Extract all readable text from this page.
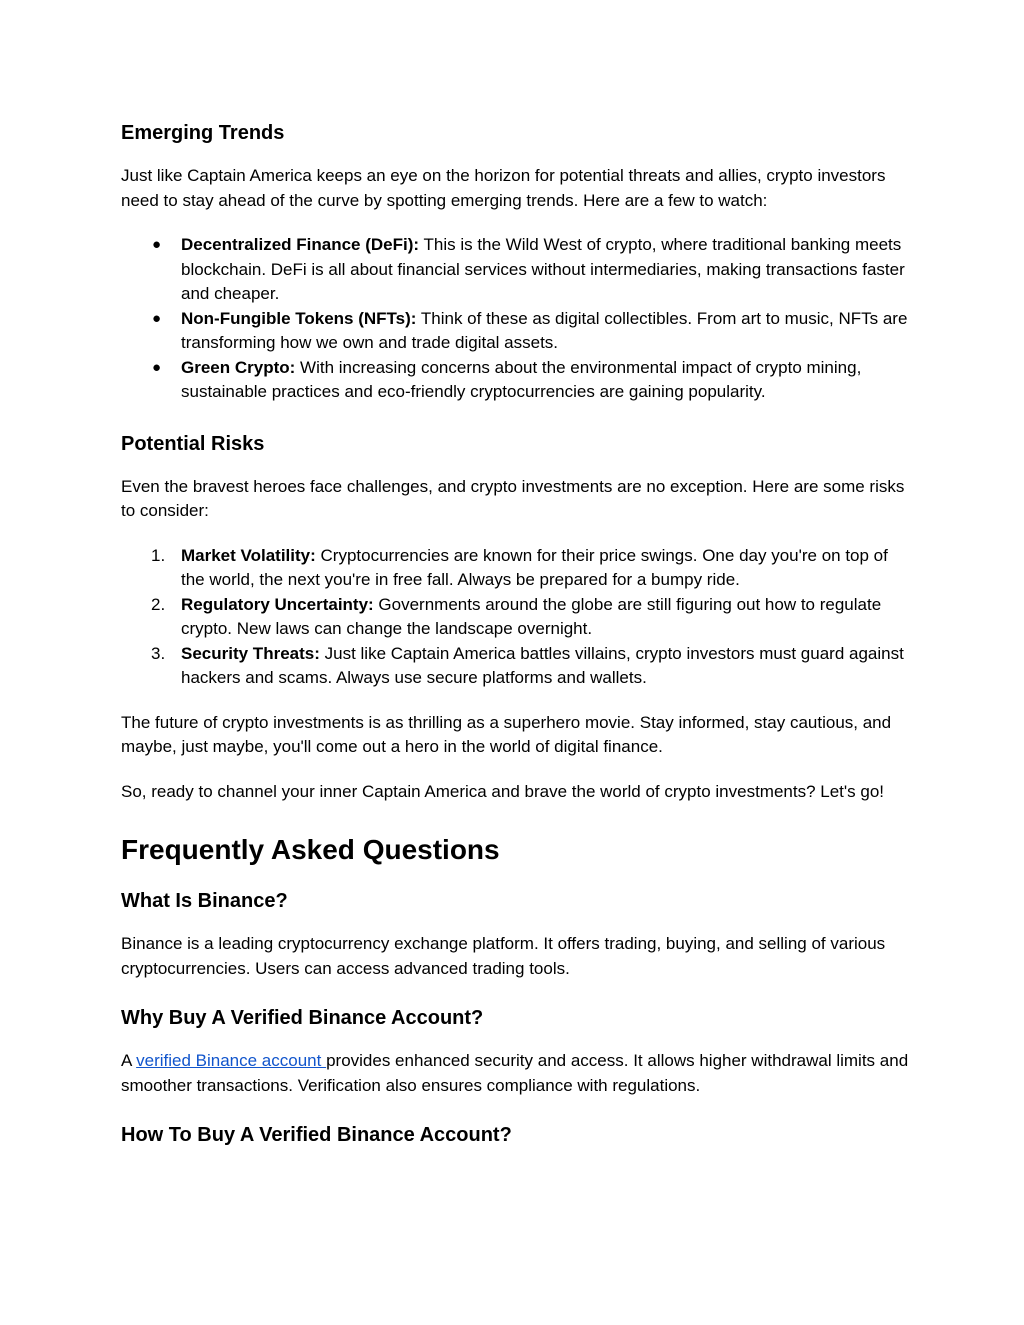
Emerging Trends

Just like Captain America keeps an eye on the horizon for potential threats and allies, crypto investors need to stay ahead of the curve by spotting emerging trends. Here are a few to watch:

● Decentralized Finance (DeFi): This is the Wild West of crypto, where traditional banking meets blockchain. DeFi is all about financial services without intermediaries, making transactions faster and cheaper.
● Non-Fungible Tokens (NFTs): Think of these as digital collectibles. From art to music, NFTs are transforming how we own and trade digital assets.
● Green Crypto: With increasing concerns about the environmental impact of crypto mining, sustainable practices and eco-friendly cryptocurrencies are gaining popularity.
Potential Risks

Even the bravest heroes face challenges, and crypto investments are no exception. Here are some risks to consider:

1. Market Volatility: Cryptocurrencies are known for their price swings. One day you're on top of the world, the next you're in free fall. Always be prepared for a bumpy ride.
2. Regulatory Uncertainty: Governments around the globe are still figuring out how to regulate crypto. New laws can change the landscape overnight.
3. Security Threats: Just like Captain America battles villains, crypto investors must guard against hackers and scams. Always use secure platforms and wallets.

The future of crypto investments is as thrilling as a superhero movie. Stay informed, stay cautious, and maybe, just maybe, you'll come out a hero in the world of digital finance.

So, ready to channel your inner Captain America and brave the world of crypto investments? Let's go!

Frequently Asked Questions
What Is Binance?

Binance is a leading cryptocurrency exchange platform. It offers trading, buying, and selling of various cryptocurrencies. Users can access advanced trading tools.

Why Buy A Verified Binance Account?

A verified Binance account provides enhanced security and access. It allows higher withdrawal limits and smoother transactions. Verification also ensures compliance with regulations.

How To Buy A Verified Binance Account?
